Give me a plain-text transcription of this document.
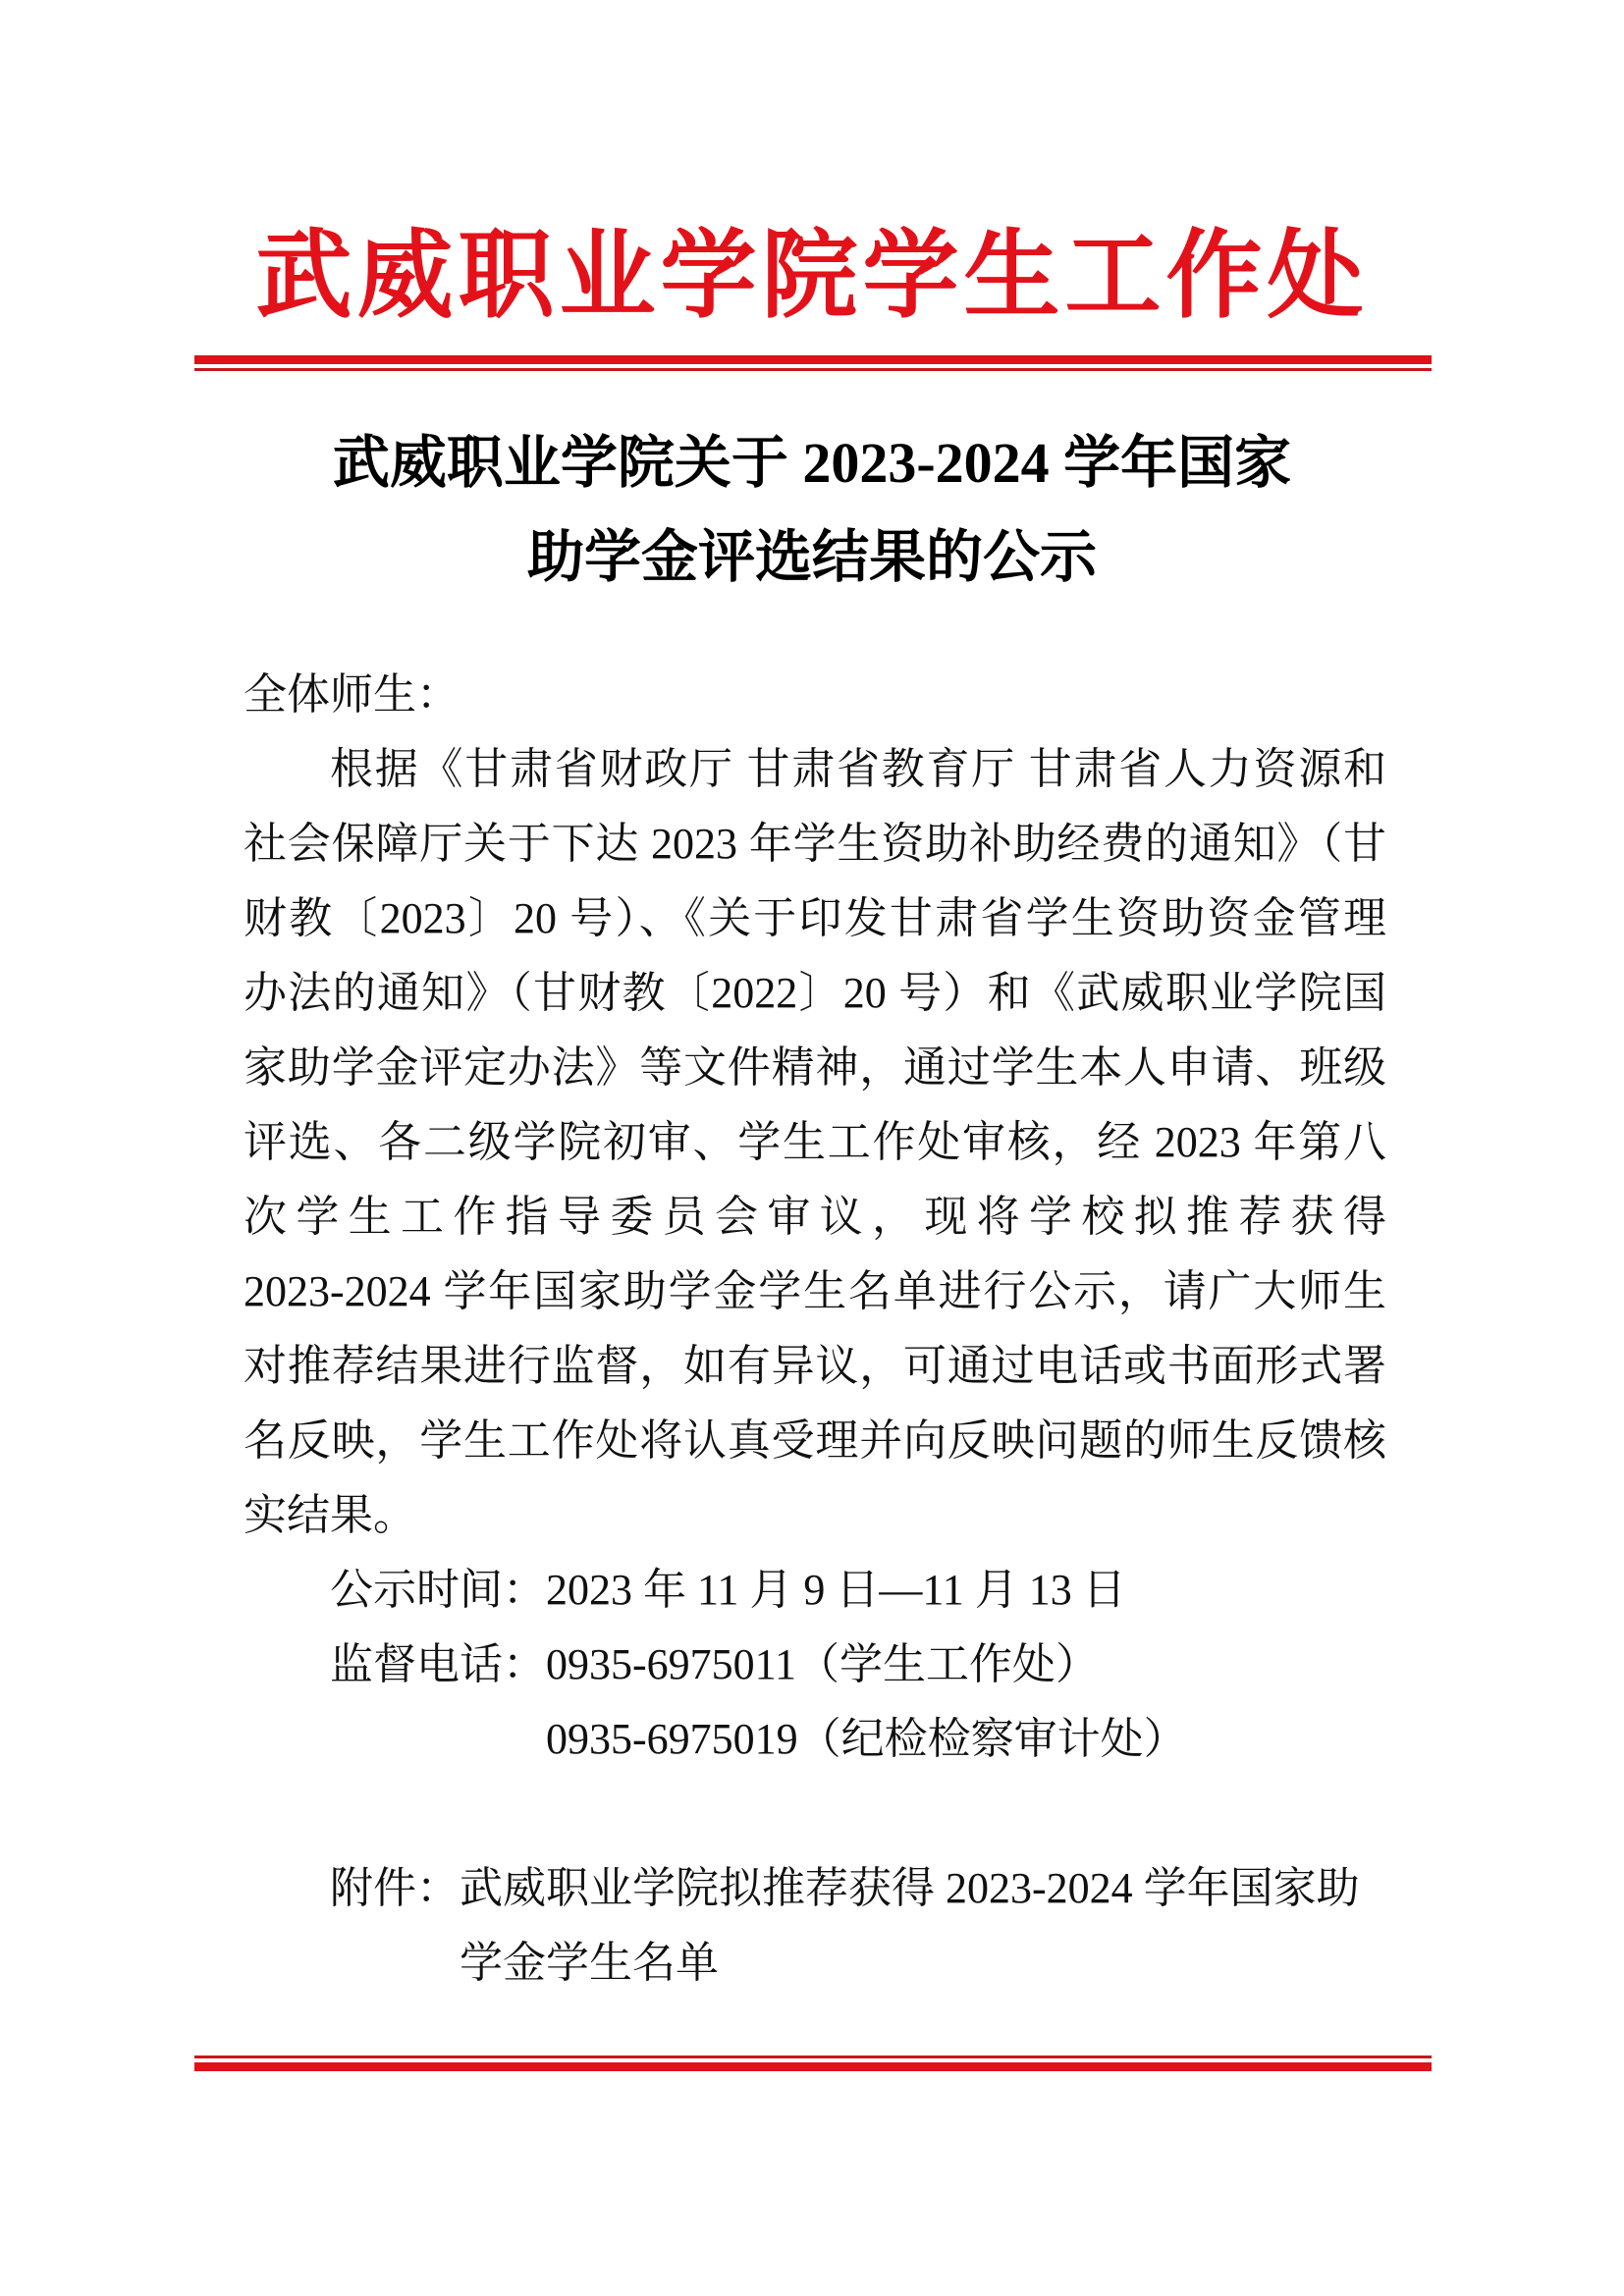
武威职业学院学生工作处
武威职业学院关于 2023-2024 学年国家
助学金评选结果的公示
全体师生：
根据《甘肃省财政厅 甘肃省教育厅 甘肃省人力资源和
社会保障厅关于下达 2023 年学生资助补助经费的通知》（甘
财教〔2023〕20 号）、《关于印发甘肃省学生资助资金管理
办法的通知》（甘财教〔2022〕20 号）和《武威职业学院国
家助学金评定办法》等文件精神，通过学生本人申请、班级
评选、各二级学院初审、学生工作处审核，经 2023 年第八
次学生工作指导委员会审议，现将学校拟推荐获得
2023-2024 学年国家助学金学生名单进行公示，请广大师生
对推荐结果进行监督，如有异议，可通过电话或书面形式署
名反映，学生工作处将认真受理并向反映问题的师生反馈核
实结果。
公示时间：2023 年 11 月 9 日—11 月 13 日
监督电话：0935-6975011（学生工作处）
0935-6975019（纪检检察审计处）
附件：武威职业学院拟推荐获得 2023-2024 学年国家助
学金学生名单
